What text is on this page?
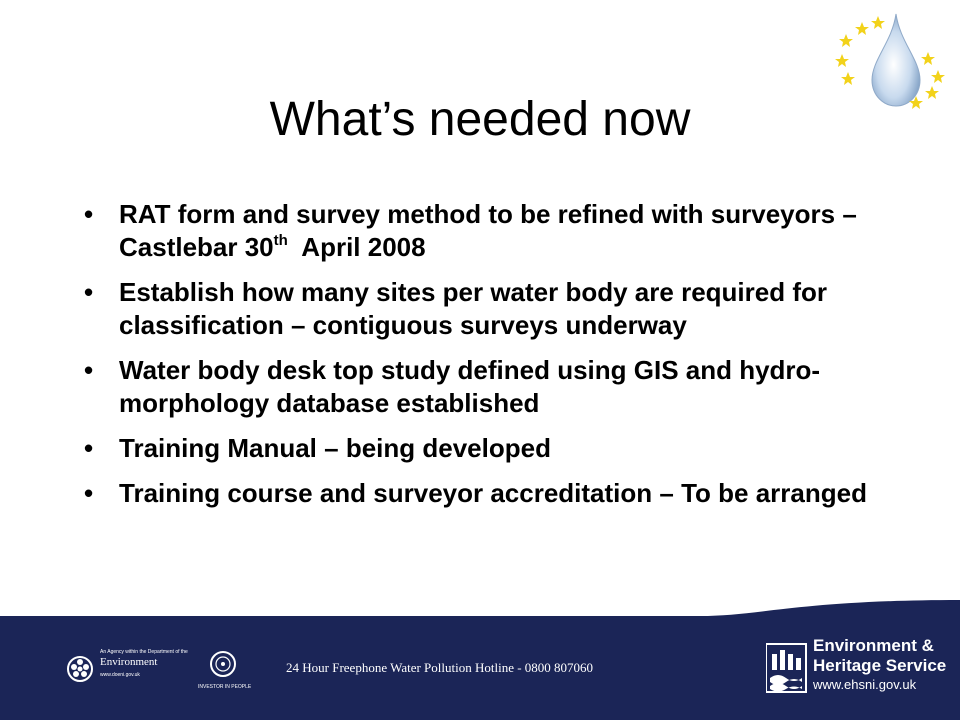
What’s needed now
• RAT form and survey method to be refined with surveyors – Castlebar 30th  April 2008
• Establish how many sites per water body are required for classification – contiguous surveys underway
• Water body desk top study defined using GIS and hydro-morphology database established
• Training Manual – being developed
• Training course and surveyor accreditation – To be arranged
An Agency within the Department of the
Environment
www.doeni.gov.uk
INVESTOR IN PEOPLE
24 Hour Freephone Water Pollution Hotline - 0800 807060
Environment &
Heritage Service
www.ehsni.gov.uk
